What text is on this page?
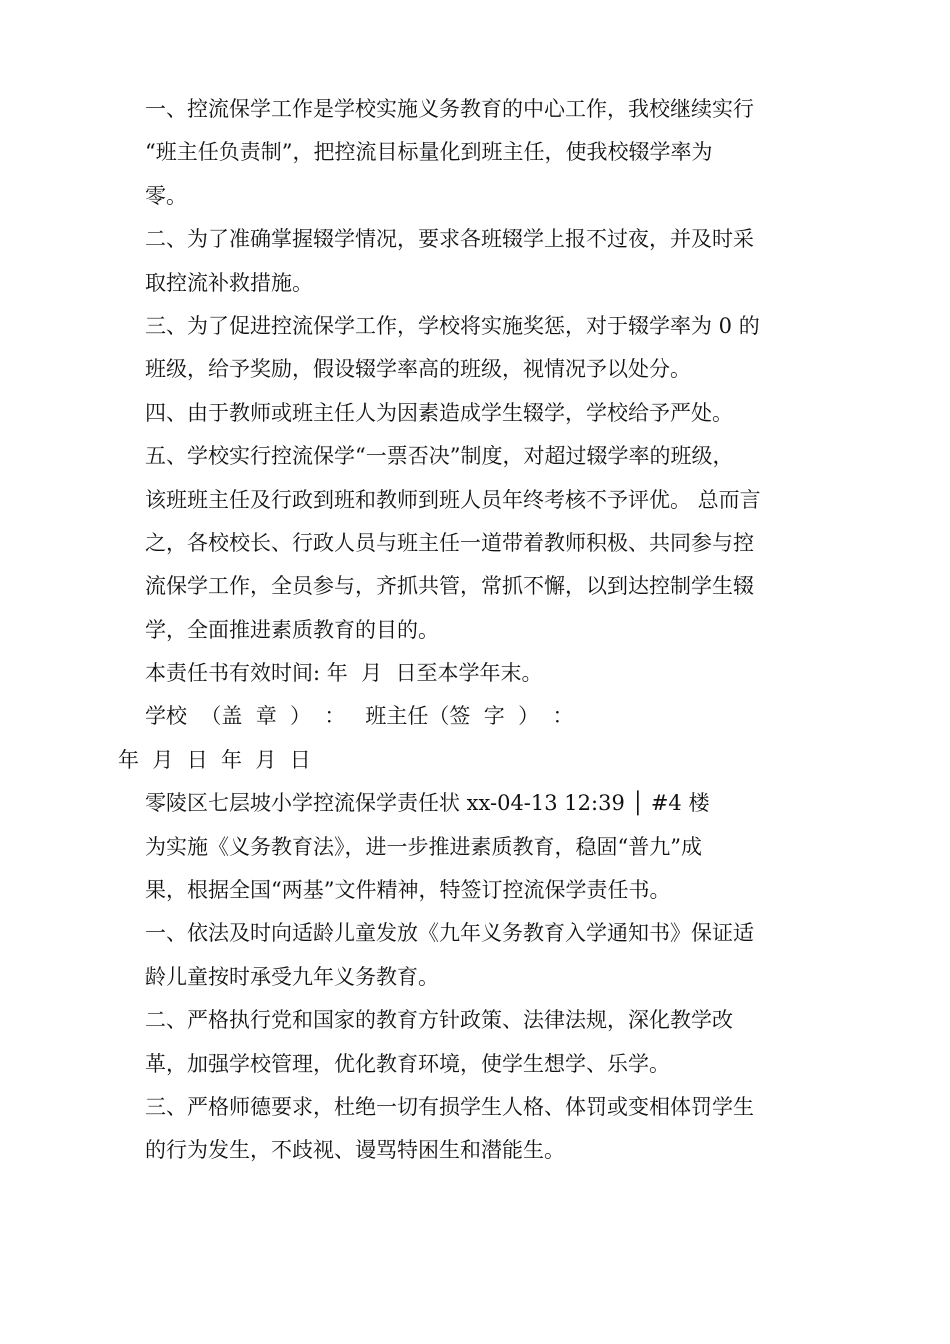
一、控流保学工作是学校实施义务教育的中心工作，我校继续实行
“班主任负责制”，把控流目标量化到班主任，使我校辍学率为
零。
二、为了准确掌握辍学情况，要求各班辍学上报不过夜，并及时采
取控流补救措施。
三、为了促进控流保学工作，学校将实施奖惩，对于辍学率为 0 的
班级，给予奖励，假设辍学率高的班级，视情况予以处分。
四、由于教师或班主任人为因素造成学生辍学，学校给予严处。
五、学校实行控流保学“一票否决”制度，对超过辍学率的班级，
该班班主任及行政到班和教师到班人员年终考核不予评优。 总而言
之，各校校长、行政人员与班主任一道带着教师积极、共同参与控
流保学工作，全员参与，齐抓共管，常抓不懈，以到达控制学生辍
学，全面推进素质教育的目的。
本责任书有效时间: 年  月  日至本学年末。
学校  （盖  章  ）  ：   班主任（签  字  ）  ：
年  月  日  年  月  日
零陵区七层坡小学控流保学责任状 xx-04-13 12:39 │ #4 楼
为实施《义务教育法》，进一步推进素质教育，稳固“普九”成
果，根据全国“两基”文件精神，特签订控流保学责任书。
一、依法及时向适龄儿童发放《九年义务教育入学通知书》保证适
龄儿童按时承受九年义务教育。
二、严格执行党和国家的教育方针政策、法律法规，深化教学改
革，加强学校管理，优化教育环境，使学生想学、乐学。
三、严格师德要求，杜绝一切有损学生人格、体罚或变相体罚学生
的行为发生，不歧视、谩骂特困生和潜能生。
